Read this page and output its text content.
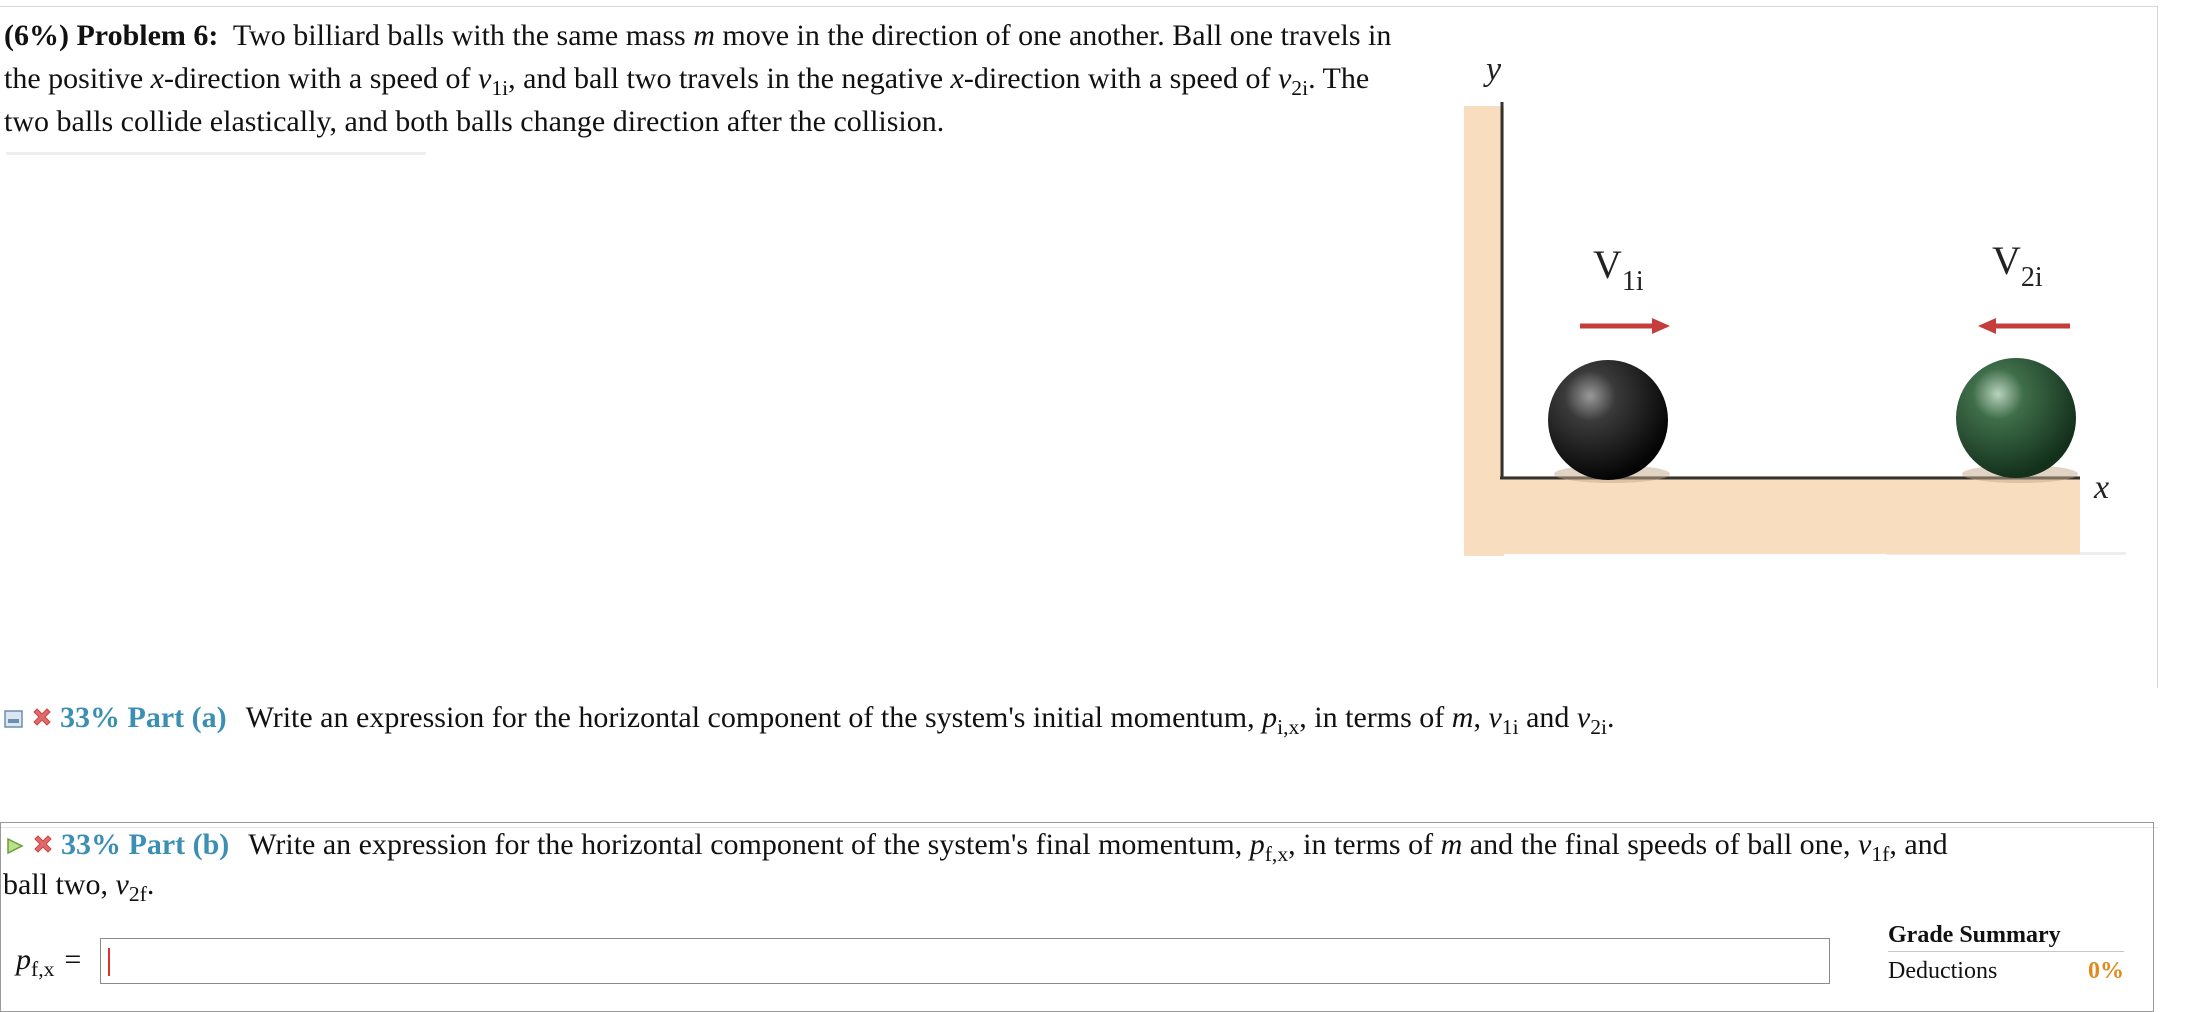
(6%) Problem 6: Two billiard balls with the same mass m move in the direction of one another. Ball one travels in the positive x-direction with a speed of $v_{1i}$, and ball two travels in the negative x-direction with a speed of $v_{2i}$. The two balls collide elastically, and both balls change direction after the collision.
y
x
$V_{1i}$	$V_{2i}$
33% Part (a) Write an expression for the horizontal component of the system's initial momentum, $p_{i,x}$, in terms of m, $v_{1i}$ and $v_{2i}$.
33% Part (b) Write an expression for the horizontal component of the system's final momentum, $p_{f,x}$, in terms of m and the final speeds of ball one, $v_{1f}$, and
ball two, $v_{2f}$.
$p_{f,x}$ =
Grade Summary
Deductions	0%
